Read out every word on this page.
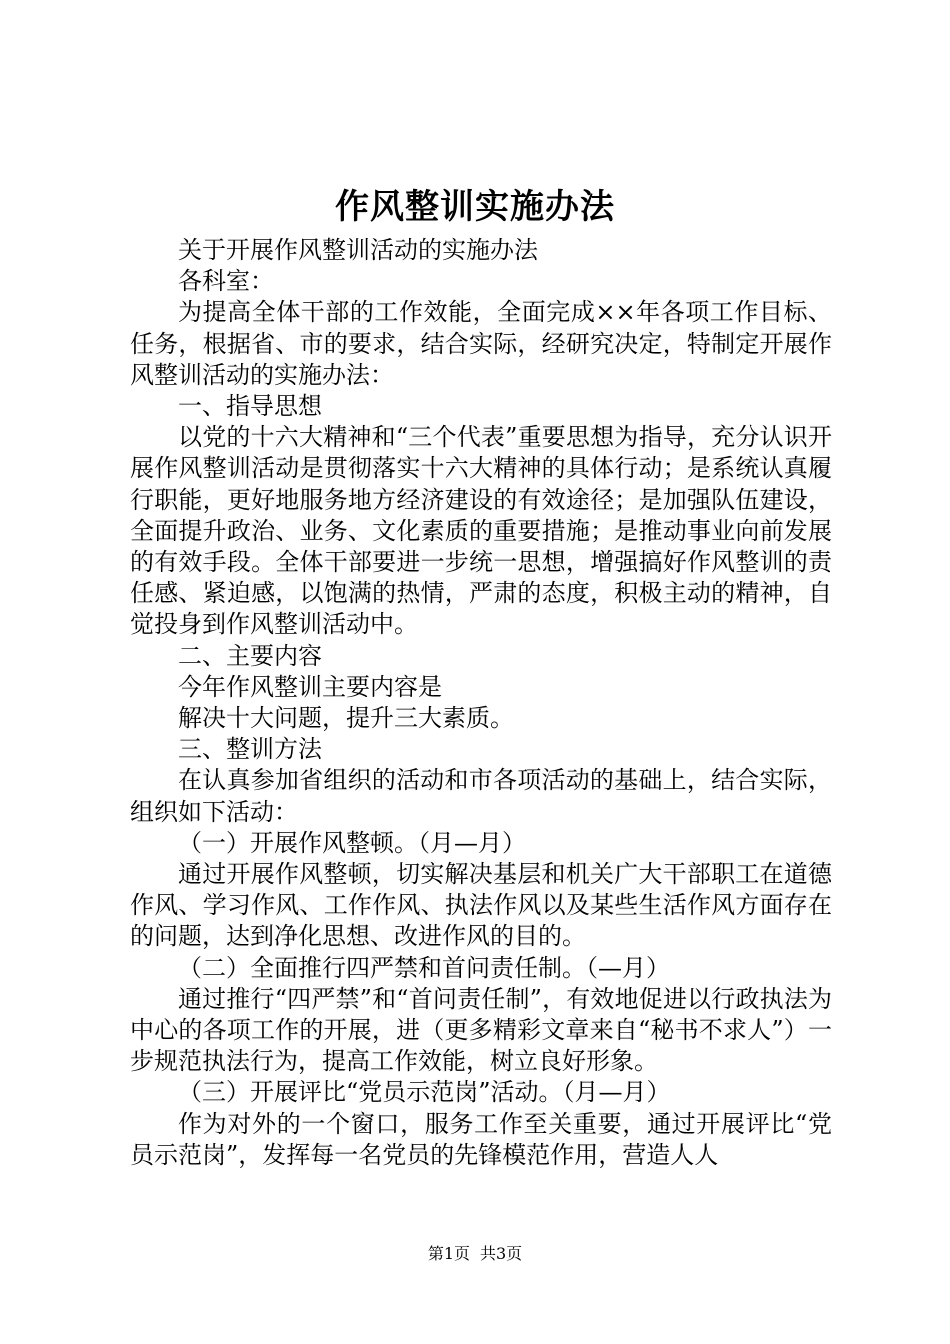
作风整训实施办法

关于开展作风整训活动的实施办法

各科室：

为提高全体干部的工作效能，全面完成××年各项工作目标、任务，根据省、市的要求，结合实际，经研究决定，特制定开展作风整训活动的实施办法：

一、指导思想

以党的十六大精神和“三个代表”重要思想为指导，充分认识开展作风整训活动是贯彻落实十六大精神的具体行动；是系统认真履行职能，更好地服务地方经济建设的有效途径；是加强队伍建设，全面提升政治、业务、文化素质的重要措施；是推动事业向前发展的有效手段。全体干部要进一步统一思想，增强搞好作风整训的责任感、紧迫感，以饱满的热情，严肃的态度，积极主动的精神，自觉投身到作风整训活动中。

二、主要内容

今年作风整训主要内容是

解决十大问题，提升三大素质。

三、整训方法

在认真参加省组织的活动和市各项活动的基础上，结合实际，组织如下活动：

（一）开展作风整顿。（月—月）

通过开展作风整顿，切实解决基层和机关广大干部职工在道德作风、学习作风、工作作风、执法作风以及某些生活作风方面存在的问题，达到净化思想、改进作风的目的。

（二）全面推行四严禁和首问责任制。（—月）

通过推行“四严禁”和“首问责任制”，有效地促进以行政执法为中心的各项工作的开展，进（更多精彩文章来自“秘书不求人”）一步规范执法行为，提高工作效能，树立良好形象。

（三）开展评比“党员示范岗”活动。（月—月）

作为对外的一个窗口，服务工作至关重要，通过开展评比“党员示范岗”，发挥每一名党员的先锋模范作用，营造人人

第1页 共3页
